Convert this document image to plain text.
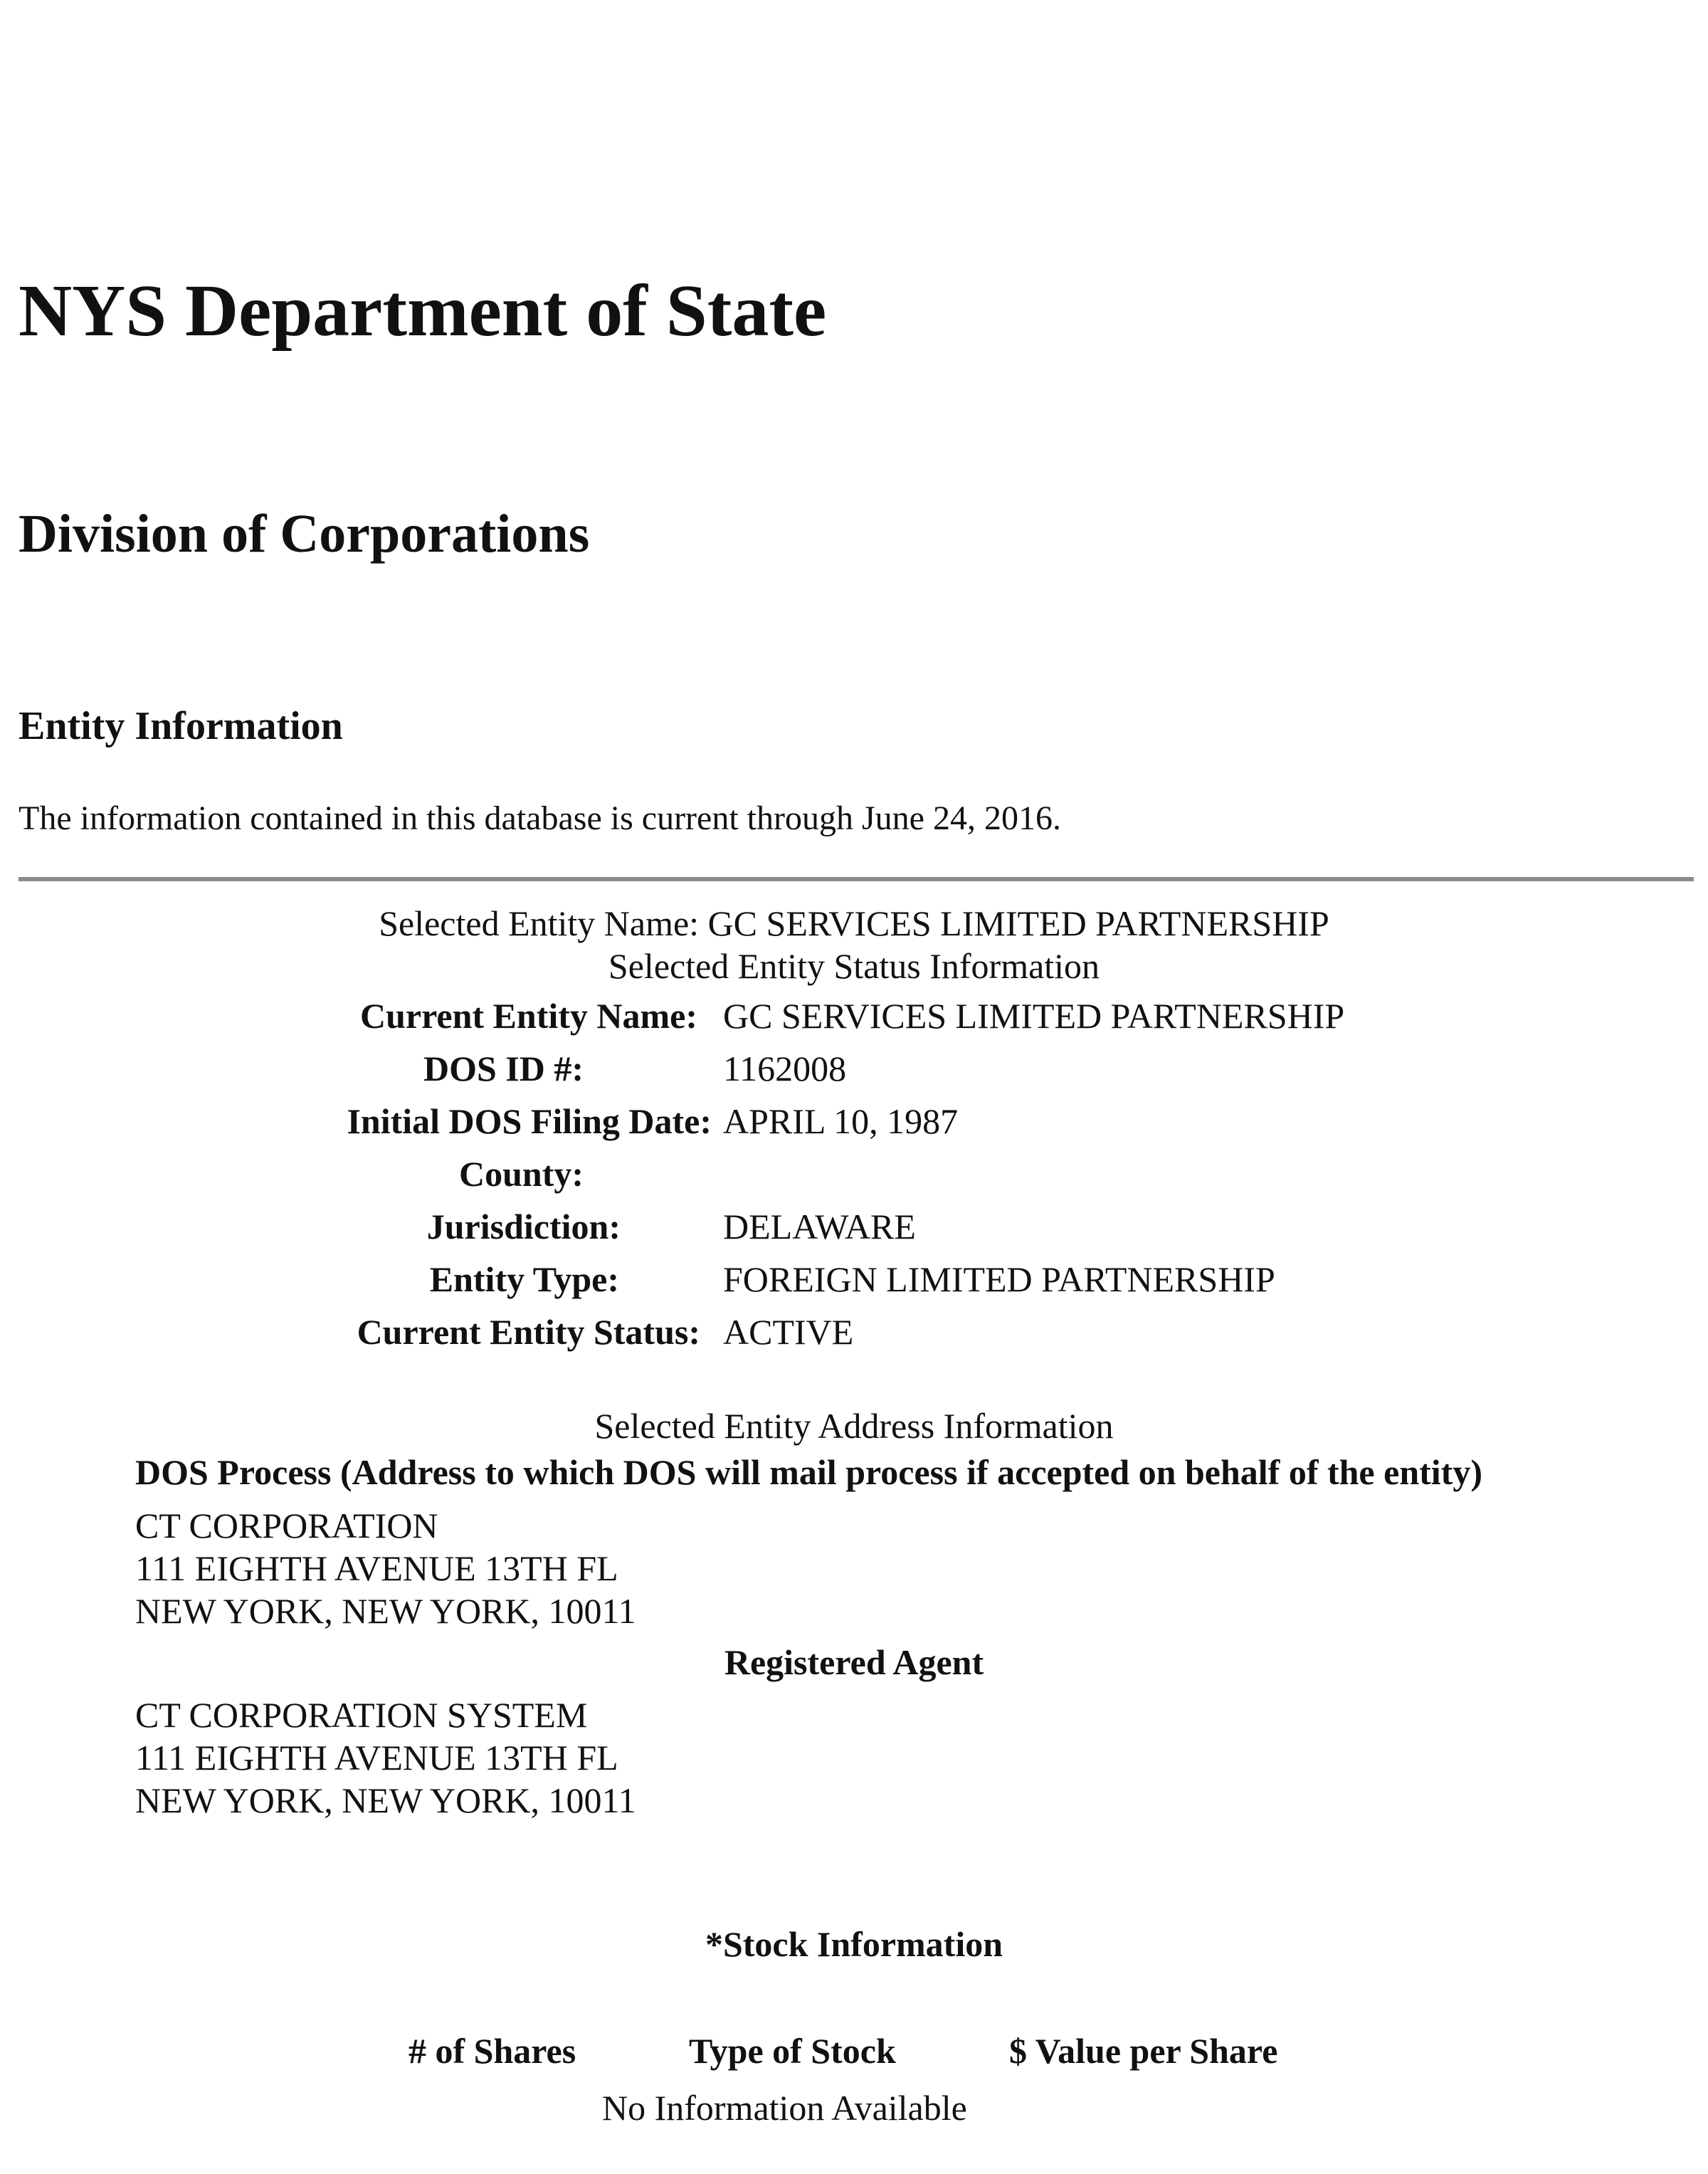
NYS Department of State
Division of Corporations
Entity Information
The information contained in this database is current through June 24, 2016.
Selected Entity Name: GC SERVICES LIMITED PARTNERSHIP
Selected Entity Status Information
Current Entity Name: GC SERVICES LIMITED PARTNERSHIP
DOS ID #:	1162008
Initial DOS Filing Date: APRIL 10, 1987
County:
Jurisdiction:	DELAWARE
Entity Type:	FOREIGN LIMITED PARTNERSHIP
Current Entity Status: ACTIVE
Selected Entity Address Information
DOS Process (Address to which DOS will mail process if accepted on behalf of the entity)
CT CORPORATION
111 EIGHTH AVENUE 13TH FL
NEW YORK, NEW YORK, 10011
Registered Agent
CT CORPORATION SYSTEM
111 EIGHTH AVENUE 13TH FL
NEW YORK, NEW YORK, 10011
*Stock Information
# of Shares	Type of Stock	$ Value per Share
No Information Available
